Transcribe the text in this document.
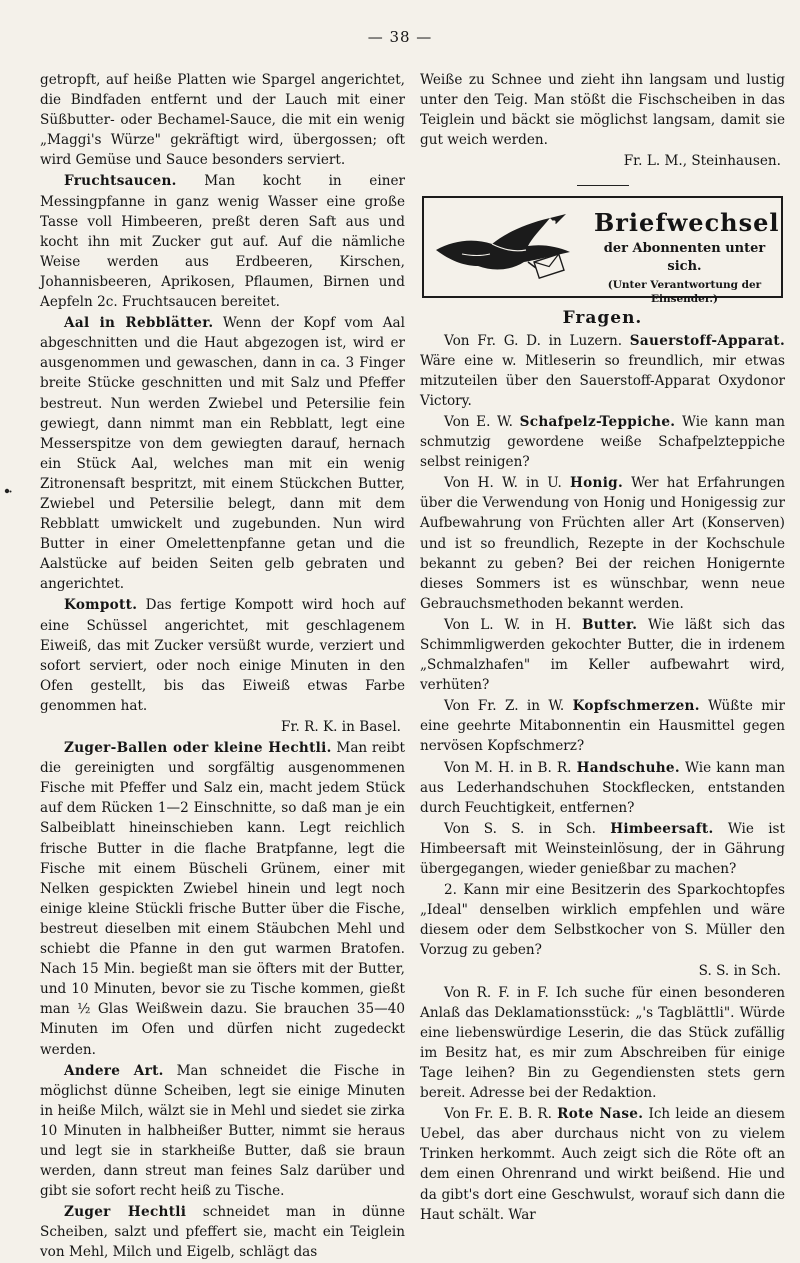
— 38 —

getropft, auf heiße Platten wie Spargel angerichtet, die Bindfaden entfernt und der Lauch mit einer Süßbutter- oder Bechamel-Sauce, die mit ein wenig „Maggi's Würze" gekräftigt wird, übergossen; oft wird Gemüse und Sauce besonders serviert.

Fruchtsaucen. Man kocht in einer Messingpfanne in ganz wenig Wasser eine große Tasse voll Himbeeren, preßt deren Saft aus und kocht ihn mit Zucker gut auf. Auf die nämliche Weise werden aus Erdbeeren, Kirschen, Johannisbeeren, Aprikosen, Pflaumen, Birnen und Aepfeln 2c. Fruchtsaucen bereitet.

Aal in Rebblätter. Wenn der Kopf vom Aal abgeschnitten und die Haut abgezogen ist, wird er ausgenommen und gewaschen, dann in ca. 3 Finger breite Stücke geschnitten und mit Salz und Pfeffer bestreut. Nun werden Zwiebel und Petersilie fein gewiegt, dann nimmt man ein Rebblatt, legt eine Messerspitze von dem gewiegten darauf, hernach ein Stück Aal, welches man mit ein wenig Zitronensaft bespritzt, mit einem Stückchen Butter, Zwiebel und Petersilie belegt, dann mit dem Rebblatt umwickelt und zugebunden. Nun wird Butter in einer Omelettenpfanne getan und die Aalstücke auf beiden Seiten gelb gebraten und angerichtet.

Kompott. Das fertige Kompott wird hoch auf eine Schüssel angerichtet, mit geschlagenem Eiweiß, das mit Zucker versüßt wurde, verziert und sofort serviert, oder noch einige Minuten in den Ofen gestellt, bis das Eiweiß etwas Farbe genommen hat.

Fr. R. K. in Basel.

Zuger-Ballen oder kleine Hechtli. Man reibt die gereinigten und sorgfältig ausgenommenen Fische mit Pfeffer und Salz ein, macht jedem Stück auf dem Rücken 1—2 Einschnitte, so daß man je ein Salbeiblatt hineinschieben kann. Legt reichlich frische Butter in die flache Bratpfanne, legt die Fische mit einem Büscheli Grünem, einer mit Nelken gespickten Zwiebel hinein und legt noch einige kleine Stückli frische Butter über die Fische, bestreut dieselben mit einem Stäubchen Mehl und schiebt die Pfanne in den gut warmen Bratofen. Nach 15 Min. begießt man sie öfters mit der Butter, und 10 Minuten, bevor sie zu Tische kommen, gießt man ½ Glas Weißwein dazu. Sie brauchen 35—40 Minuten im Ofen und dürfen nicht zugedeckt werden.

Andere Art. Man schneidet die Fische in möglichst dünne Scheiben, legt sie einige Minuten in heiße Milch, wälzt sie in Mehl und siedet sie zirka 10 Minuten in halbheißer Butter, nimmt sie heraus und legt sie in starkheiße Butter, daß sie braun werden, dann streut man feines Salz darüber und gibt sie sofort recht heiß zu Tische.

Zuger Hechtli schneidet man in dünne Scheiben, salzt und pfeffert sie, macht ein Teiglein von Mehl, Milch und Eigelb, schlägt das

Weiße zu Schnee und zieht ihn langsam und lustig unter den Teig. Man stößt die Fischscheiben in das Teiglein und bäckt sie möglichst langsam, damit sie gut weich werden.

Fr. L. M., Steinhausen.

Briefwechsel
der Abonnenten unter sich.
(Unter Verantwortung der Einsender.)
Fragen.

Von Fr. G. D. in Luzern. Sauerstoff-Apparat. Wäre eine w. Mitleserin so freundlich, mir etwas mitzuteilen über den Sauerstoff-Apparat Oxydonor Victory.

Von E. W. Schafpelz-Teppiche. Wie kann man schmutzig gewordene weiße Schafpelzteppiche selbst reinigen?

Von H. W. in U. Honig. Wer hat Erfahrungen über die Verwendung von Honig und Honigessig zur Aufbewahrung von Früchten aller Art (Konserven) und ist so freundlich, Rezepte in der Kochschule bekannt zu geben? Bei der reichen Honigernte dieses Sommers ist es wünschbar, wenn neue Gebrauchsmethoden bekannt werden.

Von L. W. in H. Butter. Wie läßt sich das Schimmligwerden gekochter Butter, die in irdenem „Schmalzhafen" im Keller aufbewahrt wird, verhüten?

Von Fr. Z. in W. Kopfschmerzen. Wüßte mir eine geehrte Mitabonnentin ein Hausmittel gegen nervösen Kopfschmerz?

Von M. H. in B. R. Handschuhe. Wie kann man aus Lederhandschuhen Stockflecken, entstanden durch Feuchtigkeit, entfernen?

Von S. S. in Sch. Himbeersaft. Wie ist Himbeersaft mit Weinsteinlösung, der in Gährung übergegangen, wieder genießbar zu machen?

2. Kann mir eine Besitzerin des Sparkochtopfes „Ideal" denselben wirklich empfehlen und wäre diesem oder dem Selbstkocher von S. Müller den Vorzug zu geben?

S. S. in Sch.

Von R. F. in F. Ich suche für einen besonderen Anlaß das Deklamationsstück: „'s Tagblättli". Würde eine liebenswürdige Leserin, die das Stück zufällig im Besitz hat, es mir zum Abschreiben für einige Tage leihen? Bin zu Gegendiensten stets gern bereit. Adresse bei der Redaktion.

Von Fr. E. B. R. Rote Nase. Ich leide an diesem Uebel, das aber durchaus nicht von zu vielem Trinken herkommt. Auch zeigt sich die Röte oft an dem einen Ohrenrand und wirkt beißend. Hie und da gibt's dort eine Geschwulst, worauf sich dann die Haut schält. War
